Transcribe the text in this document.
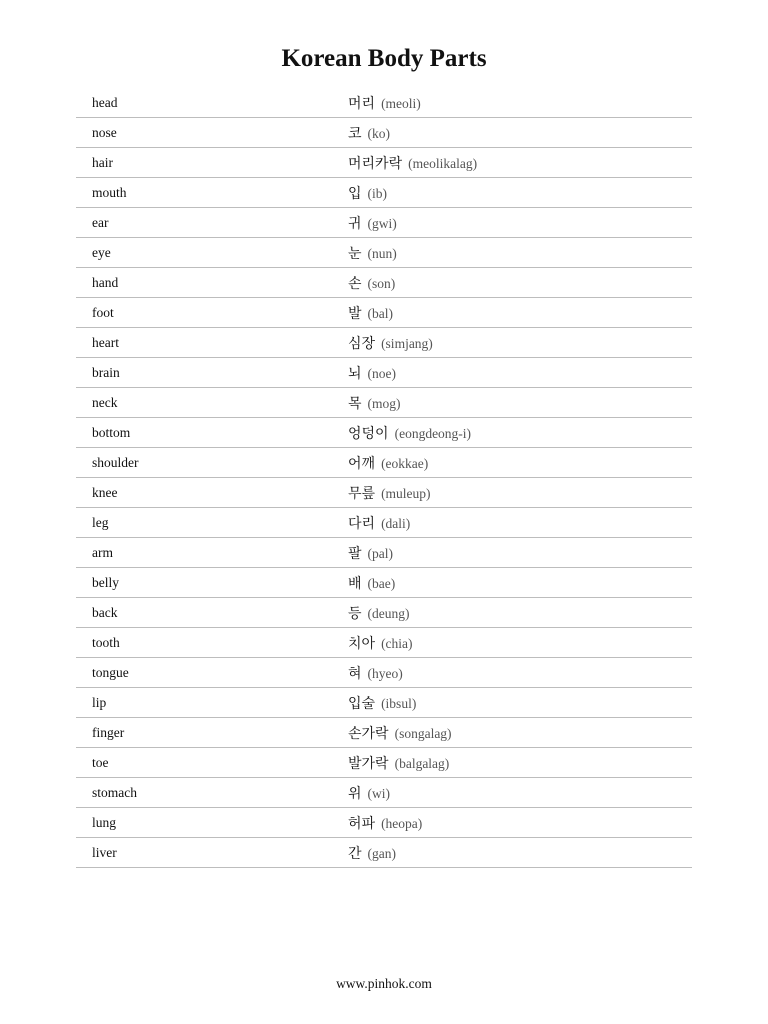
Korean Body Parts
head	머리 (meoli)
nose	코 (ko)
hair	머리카락 (meolikalag)
mouth	입 (ib)
ear	귀 (gwi)
eye	눈 (nun)
hand	손 (son)
foot	발 (bal)
heart	심장 (simjang)
brain	뇌 (noe)
neck	목 (mog)
bottom	엉덩이 (eongdeong-i)
shoulder	어깨 (eokkae)
knee	무릎 (muleup)
leg	다리 (dali)
arm	팔 (pal)
belly	배 (bae)
back	등 (deung)
tooth	치아 (chia)
tongue	혀 (hyeo)
lip	입술 (ibsul)
finger	손가락 (songalag)
toe	발가락 (balgalag)
stomach	위 (wi)
lung	허파 (heopa)
liver	간 (gan)
www.pinhok.com
